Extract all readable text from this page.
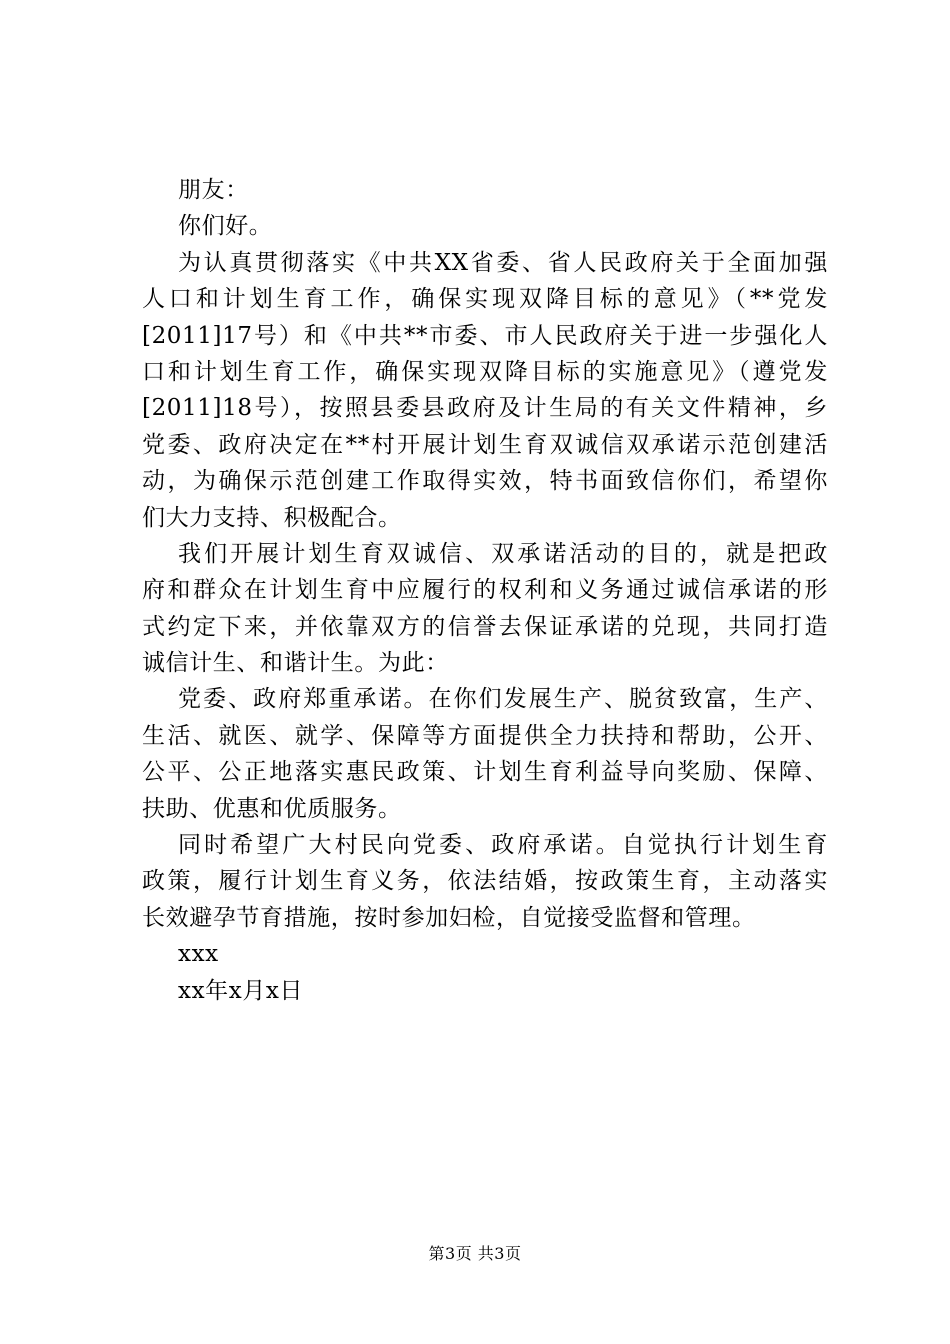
朋友：
你们好。
为认真贯彻落实《中共XX省委、省人民政府关于全面加强
人口和计划生育工作，确保实现双降目标的意见》（**党发
[2011]17号）和《中共**市委、市人民政府关于进一步强化人
口和计划生育工作，确保实现双降目标的实施意见》（遵党发
[2011]18号），按照县委县政府及计生局的有关文件精神，乡
党委、政府决定在**村开展计划生育双诚信双承诺示范创建活
动，为确保示范创建工作取得实效，特书面致信你们，希望你
们大力支持、积极配合。
我们开展计划生育双诚信、双承诺活动的目的，就是把政
府和群众在计划生育中应履行的权利和义务通过诚信承诺的形
式约定下来，并依靠双方的信誉去保证承诺的兑现，共同打造
诚信计生、和谐计生。为此：
党委、政府郑重承诺。在你们发展生产、脱贫致富，生产、
生活、就医、就学、保障等方面提供全力扶持和帮助，公开、
公平、公正地落实惠民政策、计划生育利益导向奖励、保障、
扶助、优惠和优质服务。
同时希望广大村民向党委、政府承诺。自觉执行计划生育
政策，履行计划生育义务，依法结婚，按政策生育，主动落实
长效避孕节育措施，按时参加妇检，自觉接受监督和管理。
xxx
xx年x月x日
第3页 共3页
